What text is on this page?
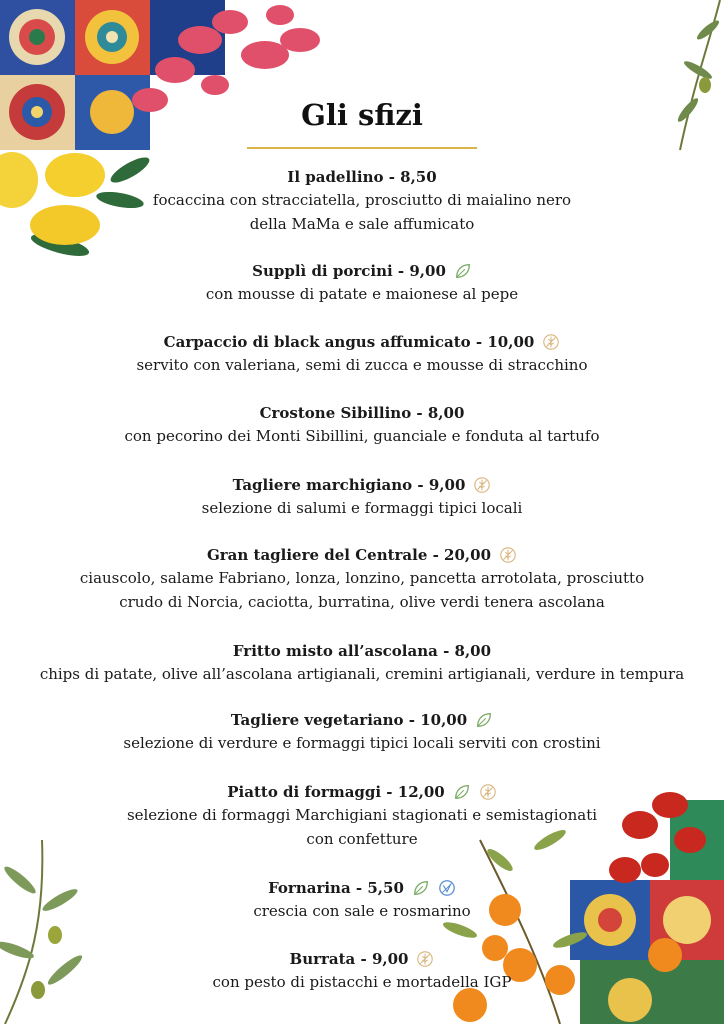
Gli sfizi
Il padellino - 8,50
focaccina con stracciatella, prosciutto di maialino nero
della MaMa e sale affumicato
Supplì di porcini - 9,00
con mousse di patate e maionese al pepe
Carpaccio di black angus affumicato - 10,00
servito con valeriana, semi di zucca e mousse di stracchino
Crostone Sibillino - 8,00
con pecorino dei Monti Sibillini, guanciale e fonduta al tartufo
Tagliere marchigiano - 9,00
selezione di salumi e formaggi tipici locali
Gran tagliere del Centrale - 20,00
ciauscolo, salame Fabriano, lonza, lonzino, pancetta arrotolata, prosciutto
crudo di Norcia, caciotta, burratina, olive verdi tenera ascolana
Fritto misto all’ascolana - 8,00
chips di patate, olive all’ascolana artigianali, cremini artigianali, verdure in tempura
Tagliere vegetariano - 10,00
selezione di verdure e formaggi tipici locali serviti con crostini
Piatto di formaggi - 12,00
selezione di formaggi Marchigiani stagionati e semistagionati
con confetture
Fornarina - 5,50
crescia con sale e rosmarino
Burrata - 9,00
con pesto di pistacchi e mortadella IGP
